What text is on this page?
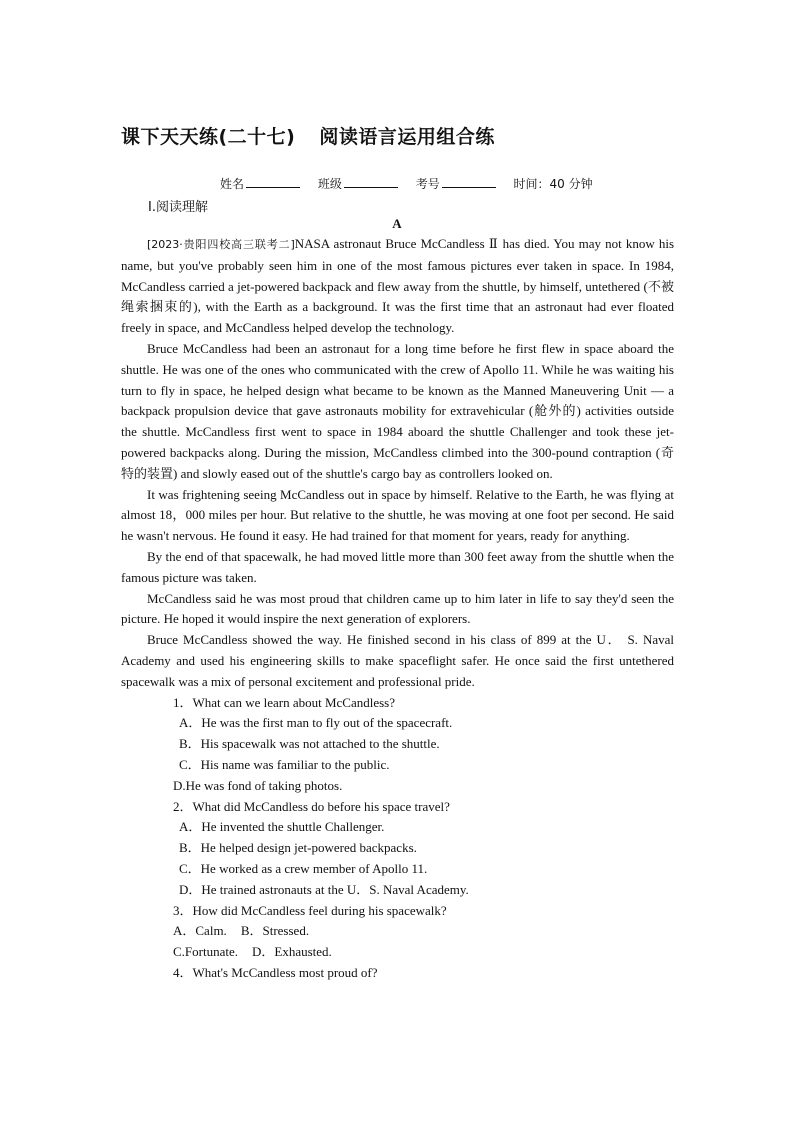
课下天天练(二十七) 阅读语言运用组合练
姓名	班级	考号	时间：40 分钟
Ⅰ.阅读理解
A

[2023·贵阳四校高三联考二]NASA astronaut Bruce McCandless Ⅱ has died. You may not know his name, but you've probably seen him in one of the most famous pictures ever taken in space. In 1984, McCandless carried a jet-powered backpack and flew away from the shuttle, by himself, untethered (不被绳索捆束的), with the Earth as a background. It was the first time that an astronaut had ever floated freely in space, and McCandless helped develop the technology.

Bruce McCandless had been an astronaut for a long time before he first flew in space aboard the shuttle. He was one of the ones who communicated with the crew of Apollo 11. While he was waiting his turn to fly in space, he helped design what became to be known as the Manned Maneuvering Unit — a backpack propulsion device that gave astronauts mobility for extravehicular (舱外的) activities outside the shuttle. McCandless first went to space in 1984 aboard the shuttle Challenger and took these jet-powered backpacks along. During the mission, McCandless climbed into the 300-pound contraption (奇特的装置) and slowly eased out of the shuttle's cargo bay as controllers looked on.

It was frightening seeing McCandless out in space by himself. Relative to the Earth, he was flying at almost 18，000 miles per hour. But relative to the shuttle, he was moving at one foot per second. He said he wasn't nervous. He found it easy. He had trained for that moment for years, ready for anything.

By the end of that spacewalk, he had moved little more than 300 feet away from the shuttle when the famous picture was taken.

McCandless said he was most proud that children came up to him later in life to say they'd seen the picture. He hoped it would inspire the next generation of explorers.

Bruce McCandless showed the way. He finished second in his class of 899 at the U． S. Naval Academy and used his engineering skills to make spaceflight safer. He once said the first untethered spacewalk was a mix of personal excitement and professional pride.

1．What can we learn about McCandless?

A．He was the first man to fly out of the spacecraft.

B．His spacewalk was not attached to the shuttle.

C．His name was familiar to the public.

D.He was fond of taking photos.

2．What did McCandless do before his space travel?

A．He invented the shuttle Challenger.

B．He helped design jet-powered backpacks.

C．He worked as a crew member of Apollo 11.

D．He trained astronauts at the U．S. Naval Academy.

3．How did McCandless feel during his spacewalk?

A．Calm. B．Stressed.

C.Fortunate. D．Exhausted.

4．What's McCandless most proud of?
